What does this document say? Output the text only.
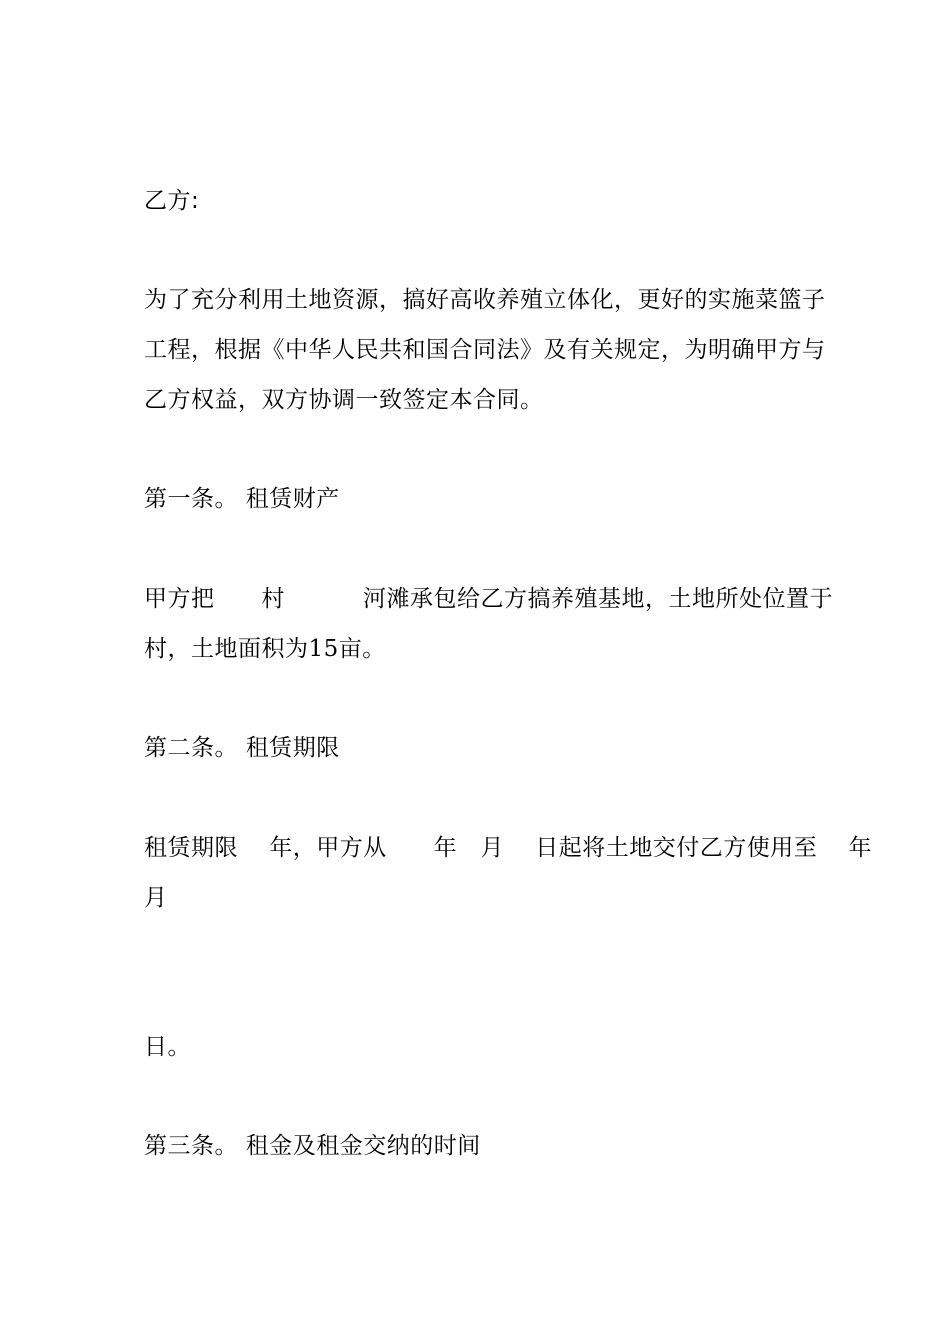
乙方:
为了充分利用土地资源，搞好高收养殖立体化，更好的实施菜篮子
工程，根据《中华人民共和国合同法》及有关规定，为明确甲方与
乙方权益，双方协调一致签定本合同。
第一条。 租赁财产
甲方把      村          河滩承包给乙方搞养殖基地，土地所处位置于
村，土地面积为15亩。
第二条。 租赁期限
租赁期限    年，甲方从      年   月    日起将土地交付乙方使用至    年
月
日。
第三条。 租金及租金交纳的时间
